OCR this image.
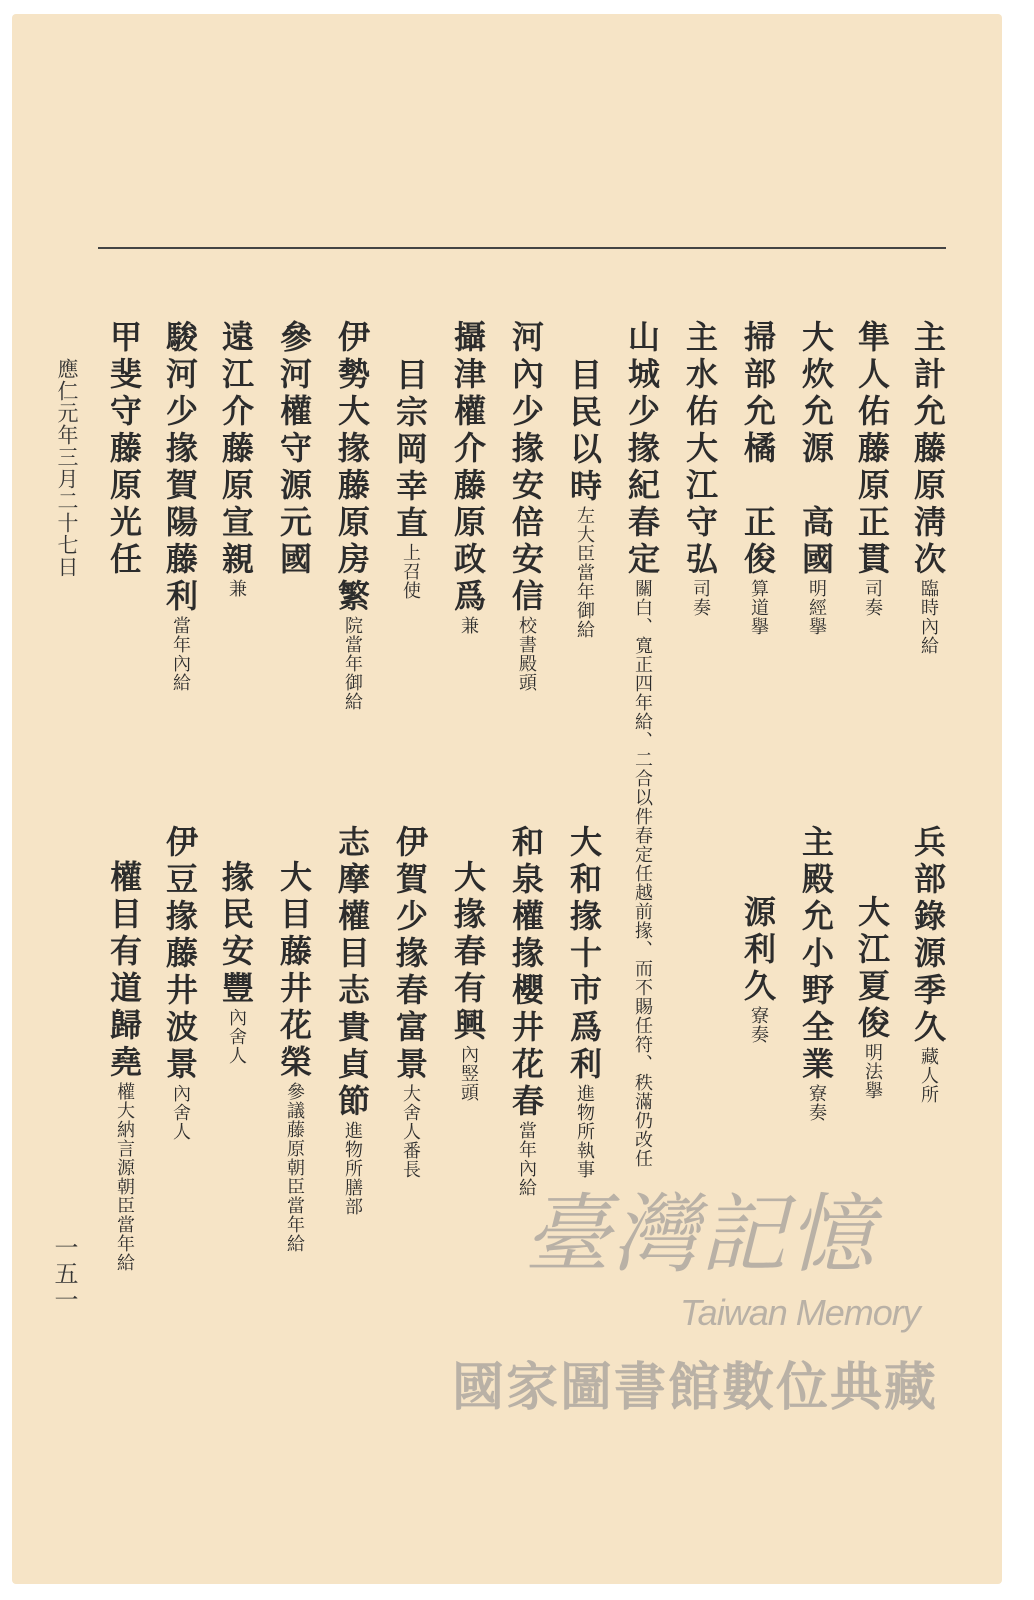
主計允藤原淸次臨時內給
隼人佑藤原正貫司奏
大炊允源　高國明經擧
掃部允橘　正俊算道擧
主水佑大江守弘司奏
山城少掾紀春定關白、寬正四年給、二合以件春定任越前掾、而不賜任符、秩滿仍改任
目民以時左大臣當年御給
河內少掾安倍安信校書殿頭
攝津權介藤原政爲兼
目宗岡幸直上召使
伊勢大掾藤原房繁院當年御給
參河權守源元國
遠江介藤原宣親兼
駿河少掾賀陽藤利當年內給
甲斐守藤原光任
兵部錄源季久藏人所
大江夏俊明法擧
主殿允小野全業寮奏
源利久寮奏
大和掾十市爲利進物所執事
和泉權掾櫻井花春當年內給
大掾春有興內竪頭
伊賀少掾春富景大舍人番長
志摩權目志貴貞節進物所膳部
大目藤井花榮參議藤原朝臣當年給
掾民安豐內舍人
伊豆掾藤井波景內舍人
權目有道歸堯權大納言源朝臣當年給
應仁元年三月二十七日
一五一	臺灣記憶
Taiwan Memory
國家圖書館數位典藏
